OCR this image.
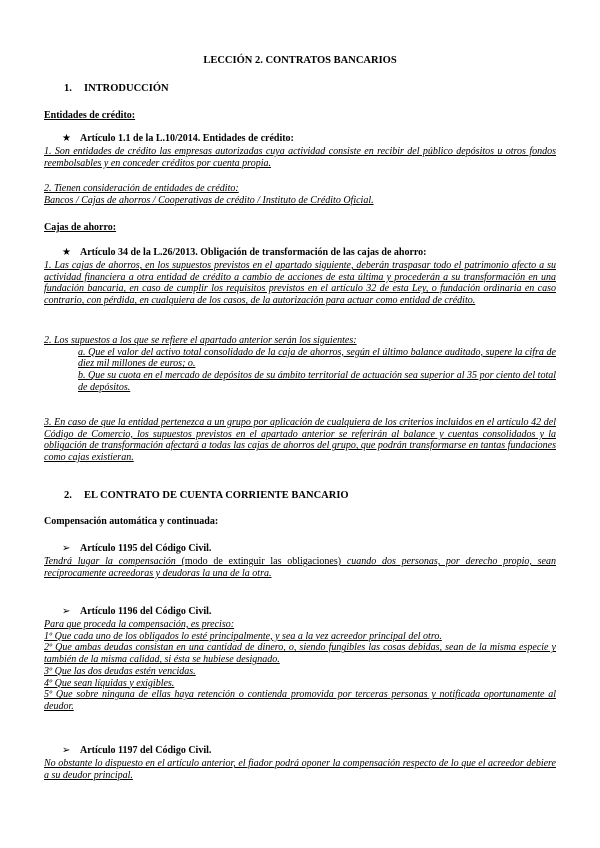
LECCIÓN 2. CONTRATOS BANCARIOS
1. INTRODUCCIÓN
Entidades de crédito:
★ Artículo 1.1 de la L.10/2014. Entidades de crédito:

1. Son entidades de crédito las empresas autorizadas cuya actividad consiste en recibir del público depósitos u otros fondos reembolsables y en conceder créditos por cuenta propia.

2. Tienen consideración de entidades de crédito:

Bancos / Cajas de ahorros / Cooperativas de crédito / Instituto de Crédito Oficial.

Cajas de ahorro:
★ Artículo 34 de la L.26/2013. Obligación de transformación de las cajas de ahorro:

1. Las cajas de ahorros, en los supuestos previstos en el apartado siguiente, deberán traspasar todo el patrimonio afecto a su actividad financiera a otra entidad de crédito a cambio de acciones de esta última y procederán a su transformación en una fundación bancaria, en caso de cumplir los requisitos previstos en el artículo 32 de esta Ley, o fundación ordinaria en caso contrario, con pérdida, en cualquiera de los casos, de la autorización para actuar como entidad de crédito.

2. Los supuestos a los que se refiere el apartado anterior serán los siguientes:

a. Que el valor del activo total consolidado de la caja de ahorros, según el último balance auditado, supere la cifra de diez mil millones de euros; o.

b. Que su cuota en el mercado de depósitos de su ámbito territorial de actuación sea superior al 35 por ciento del total de depósitos.

3. En caso de que la entidad pertenezca a un grupo por aplicación de cualquiera de los criterios incluidos en el artículo 42 del Código de Comercio, los supuestos previstos en el apartado anterior se referirán al balance y cuentas consolidados y la obligación de transformación afectará a todas las cajas de ahorros del grupo, que podrán transformarse en tantas fundaciones como cajas existieran.

2. EL CONTRATO DE CUENTA CORRIENTE BANCARIO
Compensación automática y continuada:
➢ Artículo 1195 del Código Civil.

Tendrá lugar la compensación (modo de extinguir las obligaciones) cuando dos personas, por derecho propio, sean recíprocamente acreedoras y deudoras la una de la otra.

➢ Artículo 1196 del Código Civil.

Para que proceda la compensación, es preciso:

1º Que cada uno de los obligados lo esté principalmente, y sea a la vez acreedor principal del otro.

2º Que ambas deudas consistan en una cantidad de dinero, o, siendo fungibles las cosas debidas, sean de la misma especie y también de la misma calidad, si ésta se hubiese designado.

3º Que las dos deudas estén vencidas.

4º Que sean líquidas y exigibles.

5º Que sobre ninguna de ellas haya retención o contienda promovida por terceras personas y notificada oportunamente al deudor.

➢ Artículo 1197 del Código Civil.

No obstante lo dispuesto en el artículo anterior, el fiador podrá oponer la compensación respecto de lo que el acreedor debiere a su deudor principal.
